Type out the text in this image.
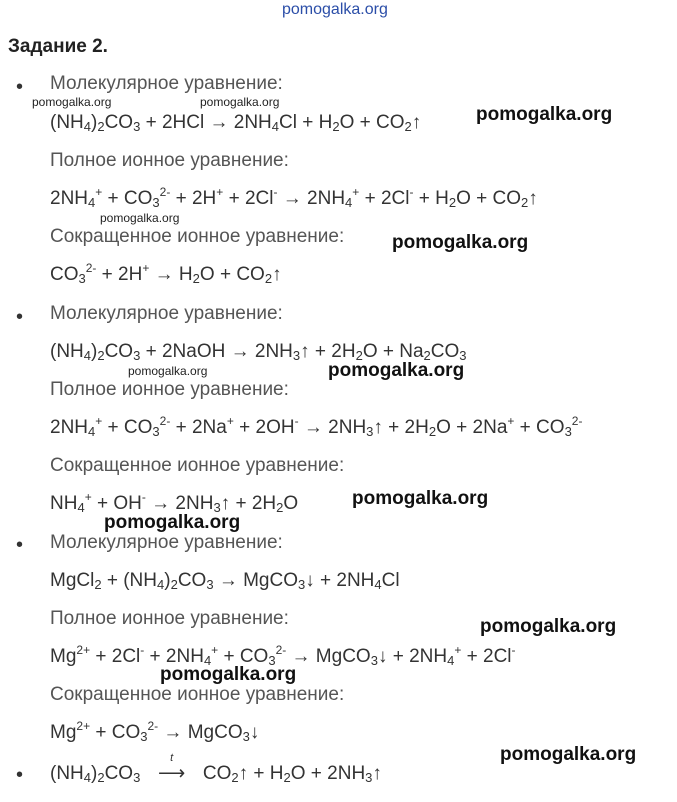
pomogalka.org
Задание 2.
• Молекулярное уравнение:
pomogalka.org	pomogalka.org
$(NH_4)_2CO_3 + 2HCl \to 2NH_4Cl + H_2O$ + $CO_2↑$	pomogalka.org
Полное ионное уравнение:
$2NH_4^+ + CO_3^{2-} + 2H^+ + 2Cl^- \to 2NH_4^+ + 2Cl^- + H_2O$ + $CO_2↑$
pomogalka.org
Сокращенное ионное уравнение:	pomogalka.org
$CO_3^{2-} + 2H^+ \to H_2O$ + $CO_2↑$
• Молекулярное уравнение:
$(NH_4)_2CO_3$ + 2NaOH → $2NH_3↑ + 2H_2O + Na_2CO_3$
pomogalka.org
Полное ионное уравнение:
pomogalka.org
$2NH_4^+ + CO_3^{2-} + 2Na^+ + 2OH^-$ → $2NH_3↑ + 2H_2O + 2Na^+ + CO_3^{2-}$
Сокращенное ионное уравнение:
$NH_4^+ + OH^-$ → $2NH_3↑ + 2H_2O$	pomogalka.org
pomogalka.org
• Молекулярное уравнение:
MgCl$_2$ + $(NH_4)_2CO_3$ → MgCO$_3$↓ + $2NH_4Cl$
Полное ионное уравнение:	pomogalka.org
$Mg^{2+} + 2Cl^- + 2NH_4^+ + CO_3^{2-}$ → MgCO$_3$↓ + $2NH_4^+ + 2Cl^-$
pomogalka.org
Сокращенное ионное уравнение:
$Mg^{2+} + CO_3^{2-}$ → MgCO$_3$↓
pomogalka.org
• $(NH_4)_2CO_3$
t
⟶ $CO_2↑ + H_2O$ + $2NH_3↑$
